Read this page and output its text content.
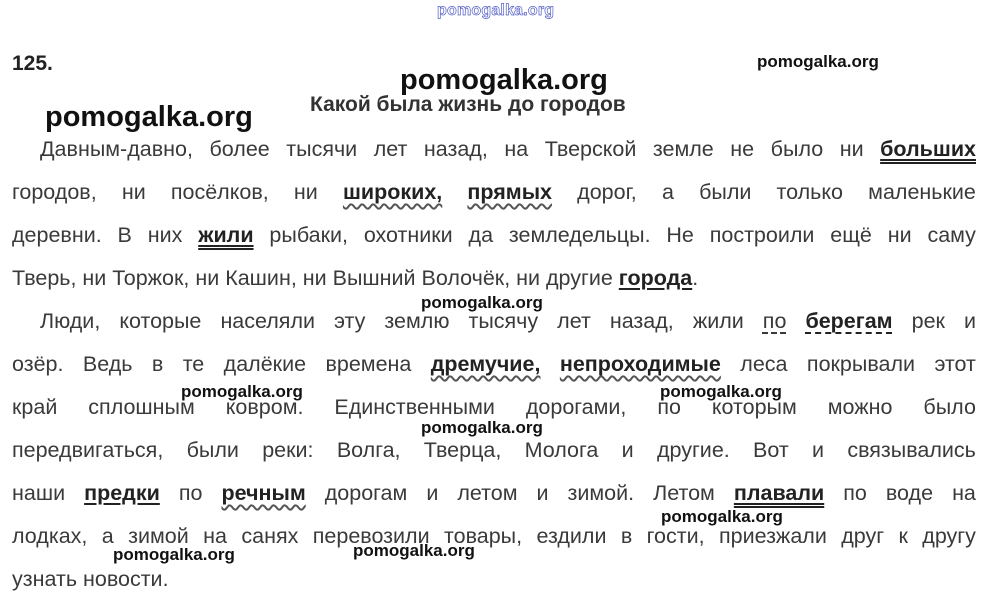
pomogalka.org
125.
Какой была жизнь до городов
pomogalka.org
pomogalka.org
pomogalka.org
Давным-давно, более тысячи лет назад, на Тверской земле не было ни больших
городов, ни посёлков, ни широких, прямых дорог, а были только маленькие
деревни. В них жили рыбаки, охотники да земледельцы. Не построили ещё ни саму
Тверь, ни Торжок, ни Кашин, ни Вышний Волочёк, ни другие города .
Люди, которые населяли эту землю тысячу лет назад, жили по берегам рек и
озёр. Ведь в те далёкие времена дремучие, непроходимые леса покрывали этот
край сплошным ковром. Единственными дорогами, по которым можно было
передвигаться, были реки: Волга, Тверца, Молога и другие. Вот и связывались
наши предки по речным дорогам и летом и зимой. Летом плавали по воде на
лодках, а зимой на санях перевозили товары, ездили в гости, приезжали друг к другу
узнать новости.
pomogalka.org
pomogalka.org	pomogalka.org
pomogalka.org
pomogalka.org
pomogalka.org	pomogalka.org
